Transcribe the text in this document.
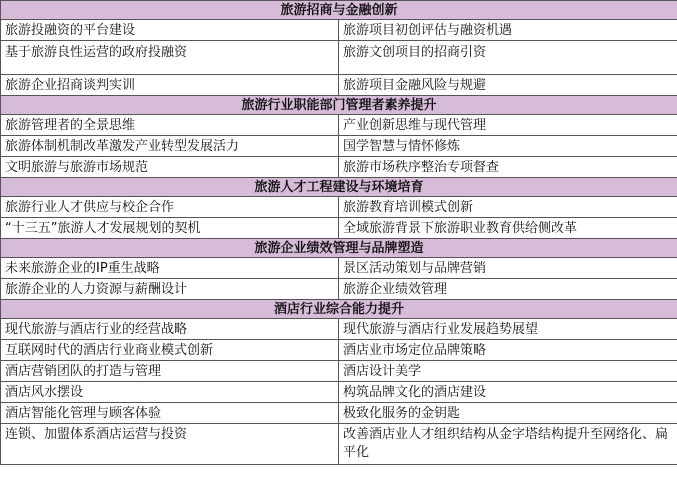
旅游招商与金融创新	
旅游投融资的平台建设	旅游项目初创评估与融资机遇
基于旅游良性运营的政府投融资	旅游文创项目的招商引资
旅游企业招商谈判实训	旅游项目金融风险与规避
旅游行业职能部门管理者素养提升	
旅游管理者的全景思维	产业创新思维与现代管理
旅游体制机制改革激发产业转型发展活力	国学智慧与情怀修炼
文明旅游与旅游市场规范	旅游市场秩序整治专项督查
旅游人才工程建设与环境培育	
旅游行业人才供应与校企合作	旅游教育培训模式创新
“十三五”旅游人才发展规划的契机	全域旅游背景下旅游职业教育供给侧改革
旅游企业绩效管理与品牌塑造	
未来旅游企业的IP重生战略	景区活动策划与品牌营销
旅游企业的人力资源与薪酬设计	旅游企业绩效管理
酒店行业综合能力提升	
现代旅游与酒店行业的经营战略	现代旅游与酒店行业发展趋势展望
互联网时代的酒店行业商业模式创新	酒店业市场定位品牌策略
酒店营销团队的打造与管理	酒店设计美学
酒店风水摆设	构筑品牌文化的酒店建设
酒店智能化管理与顾客体验	极致化服务的金钥匙
连锁、加盟体系酒店运营与投资	改善酒店业人才组织结构从金字塔结构提升至网络化、扁平化
